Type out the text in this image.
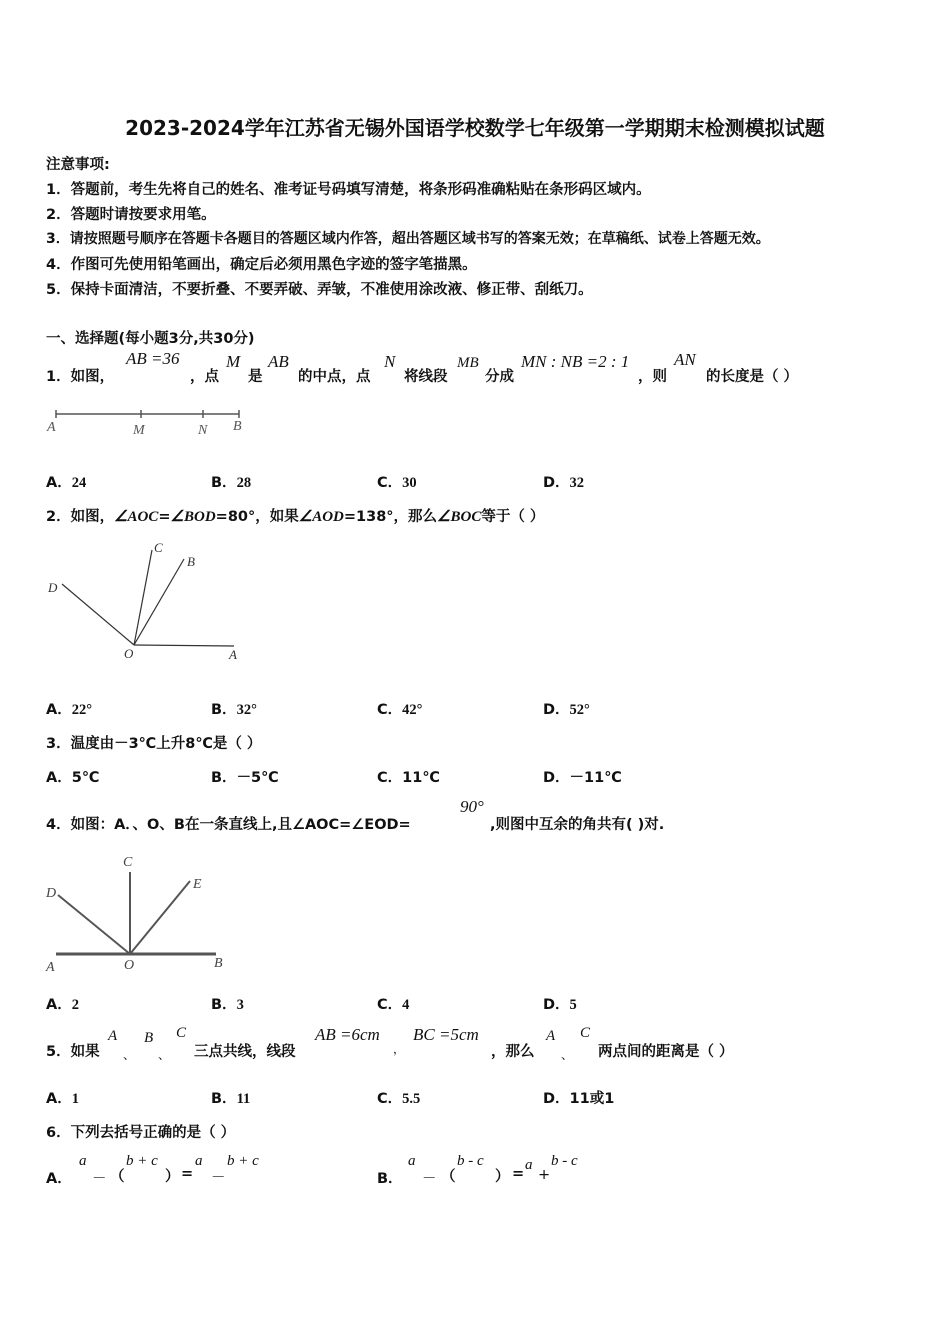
2023-2024学年江苏省无锡外国语学校数学七年级第一学期期末检测模拟试题
注意事项:
1．答题前，考生先将自己的姓名、准考证号码填写清楚，将条形码准确粘贴在条形码区域内。
2．答题时请按要求用笔。
3．请按照题号顺序在答题卡各题目的答题区域内作答，超出答题区域书写的答案无效；在草稿纸、试卷上答题无效。
4．作图可先使用铅笔画出，确定后必须用黑色字迹的签字笔描黑。
5．保持卡面清洁，不要折叠、不要弄破、弄皱，不准使用涂改液、修正带、刮纸刀。
一、选择题(每小题3分,共30分)
1．如图，
AB =36
，点
M
是
AB
的中点，点
N
将线段
MB
分成
MN : NB =2 : 1
，则
AN
的长度是（ ）
A	M	N B
A．24	B．28	C．30	D．32
2．如图，∠AOC=∠BOD=80°，如果∠AOD=138°，那么∠BOC等于（ ）
C
B
D
O	A
A．22°	B．32°	C．42°	D．52°
3．温度由－3℃上升8℃是（ ）
A．5℃	B．－5℃	C．11℃	D．－11℃
4．如图：A．、O、B在一条直线上,且∠AOC=∠EOD=
90°
,则图中互余的角共有( )对.
C
D
E
A	O	B
A．2	B．3	C．4	D．5
5．如果
A
、
B
、
C
三点共线，线段
AB =6cm
，
BC =5cm
，那么
A
、
C
两点间的距离是（ ）
A．1	B．11	C．5.5	D．11或1
6．下列去括号正确的是（ ）
A．
a
－ （
b + c
） =
a
－
b + c
B．
a
－ （
b - c
） =
a
+
b - c
